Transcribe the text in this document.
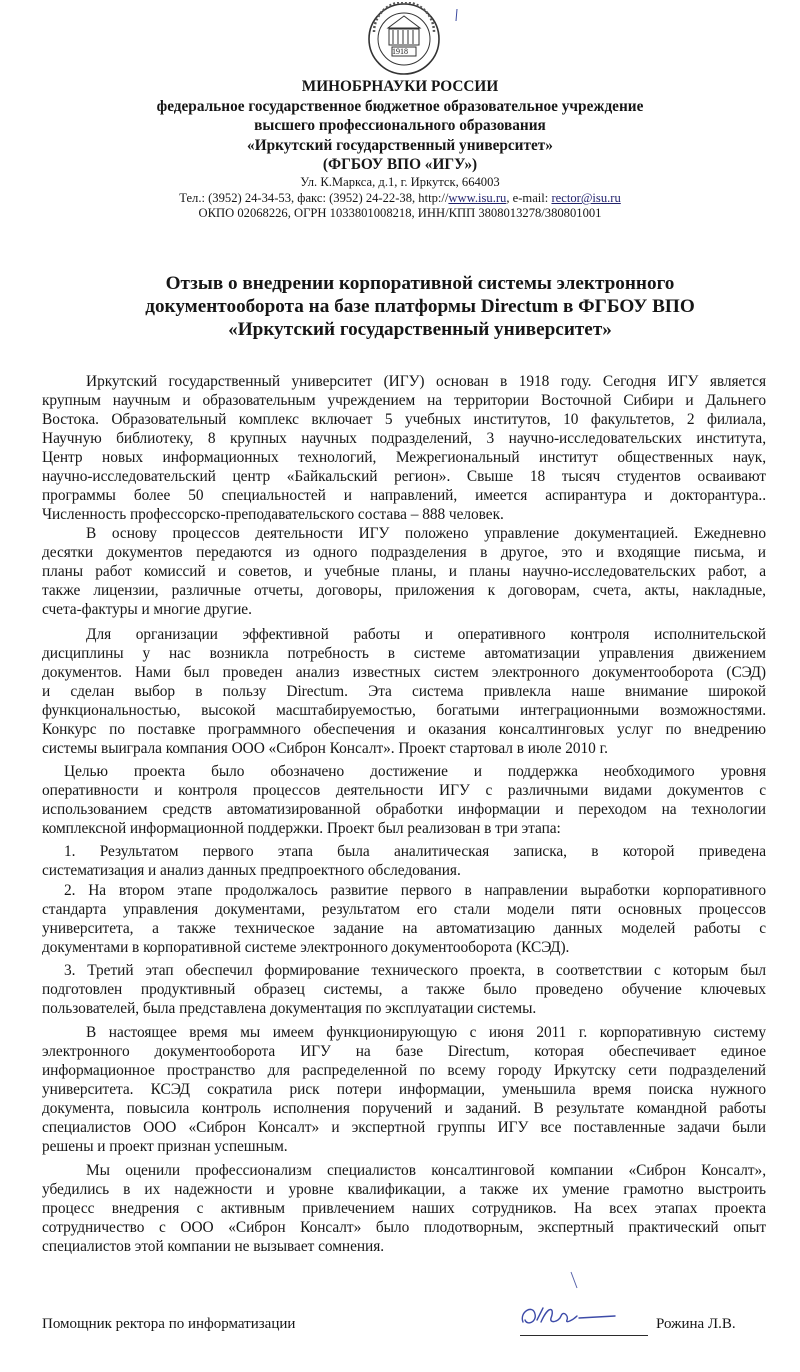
1918

МИНОБРНАУКИ РОССИИ

федеральное государственное бюджетное образовательное учреждение

высшего профессионального образования

«Иркутский государственный университет»

(ФГБОУ ВПО «ИГУ»)

Ул. К.Маркса, д.1, г. Иркутск, 664003

Тел.: (3952) 24-34-53, факс: (3952) 24-22-38, http://www.isu.ru, e-mail: rector@isu.ru

ОКПО 02068226, ОГРН 1033801008218, ИНН/КПП 3808013278/380801001

Отзыв о внедрении корпоративной системы электронного

документооборота на базе платформы Directum в ФГБОУ ВПО

«Иркутский государственный университет»

Иркутский государственный университет (ИГУ) основан в 1918 году. Сегодня ИГУ является

крупным научным и образовательным учреждением на территории Восточной Сибири и Дальнего

Востока. Образовательный комплекс включает 5 учебных институтов, 10 факультетов, 2 филиала,

Научную библиотеку, 8 крупных научных подразделений, 3 научно-исследовательских института,

Центр новых информационных технологий, Межрегиональный институт общественных наук,

научно-исследовательский центр «Байкальский регион». Свыше 18 тысяч студентов осваивают

программы более 50 специальностей и направлений, имеется аспирантура и докторантура..

Численность профессорско-преподавательского состава – 888 человек.

В основу процессов деятельности ИГУ положено управление документацией. Ежедневно

десятки документов передаются из одного подразделения в другое, это и входящие письма, и

планы работ комиссий и советов, и учебные планы, и планы научно-исследовательских работ, а

также лицензии, различные отчеты, договоры, приложения к договорам, счета, акты, накладные,

счета-фактуры и многие другие.

Для организации эффективной работы и оперативного контроля исполнительской

дисциплины у нас возникла потребность в системе автоматизации управления движением

документов. Нами был проведен анализ известных систем электронного документооборота (СЭД)

и сделан выбор в пользу Directum. Эта система привлекла наше внимание широкой

функциональностью, высокой масштабируемостью, богатыми интеграционными возможностями.

Конкурс по поставке программного обеспечения и оказания консалтинговых услуг по внедрению

системы выиграла компания ООО «Сиброн Консалт». Проект стартовал в июле 2010 г.

Целью проекта было обозначено достижение и поддержка необходимого уровня

оперативности и контроля процессов деятельности ИГУ с различными видами документов с

использованием средств автоматизированной обработки информации и переходом на технологии

комплексной информационной поддержки. Проект был реализован в три этапа:

1. Результатом первого этапа была аналитическая записка, в которой приведена

систематизация и анализ данных предпроектного обследования.

2. На втором этапе продолжалось развитие первого в направлении выработки корпоративного

стандарта управления документами, результатом его стали модели пяти основных процессов

университета, а также техническое задание на автоматизацию данных моделей работы с

документами в корпоративной системе электронного документооборота (КСЭД).

3. Третий этап обеспечил формирование технического проекта, в соответствии с которым был

подготовлен продуктивный образец системы, а также было проведено обучение ключевых

пользователей, была представлена документация по эксплуатации системы.

В настоящее время мы имеем функционирующую с июня 2011 г. корпоративную систему

электронного документооборота ИГУ на базе Directum, которая обеспечивает единое

информационное пространство для распределенной по всему городу Иркутску сети подразделений

университета. КСЭД сократила риск потери информации, уменьшила время поиска нужного

документа, повысила контроль исполнения поручений и заданий. В результате командной работы

специалистов ООО «Сиброн Консалт» и экспертной группы ИГУ все поставленные задачи были

решены и проект признан успешным.

Мы оценили профессионализм специалистов консалтинговой компании «Сиброн Консалт»,

убедились в их надежности и уровне квалификации, а также их умение грамотно выстроить

процесс внедрения с активным привлечением наших сотрудников. На всех этапах проекта

сотрудничество с ООО «Сиброн Консалт» было плодотворным, экспертный практический опыт

специалистов этой компании не вызывает сомнения.

Помощник ректора по информатизации	Рожина Л.В.
